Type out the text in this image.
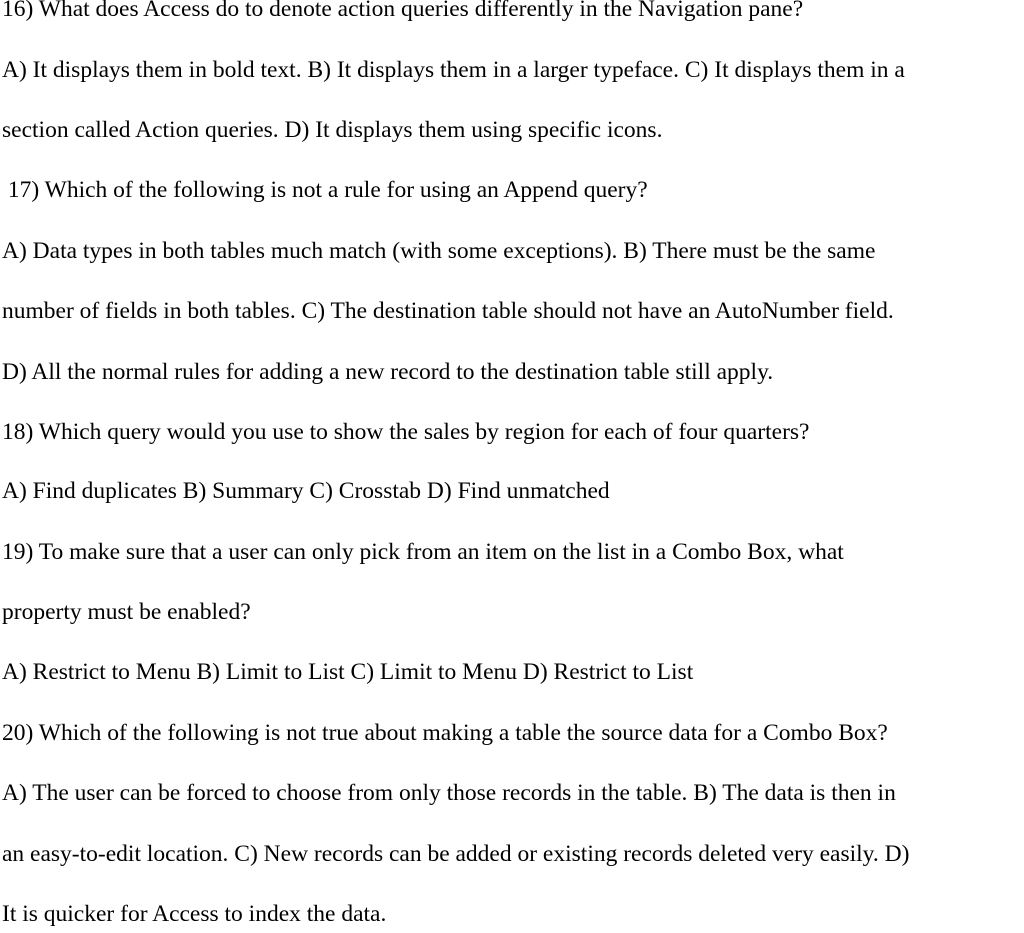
16) What does Access do to denote action queries differently in the Navigation pane?
A) It displays them in bold text. B) It displays them in a larger typeface. C) It displays them in a
section called Action queries. D) It displays them using specific icons.
17) Which of the following is not a rule for using an Append query?
A) Data types in both tables much match (with some exceptions). B) There must be the same
number of fields in both tables. C) The destination table should not have an AutoNumber field.
D) All the normal rules for adding a new record to the destination table still apply.
18) Which query would you use to show the sales by region for each of four quarters?
A) Find duplicates B) Summary C) Crosstab D) Find unmatched
19) To make sure that a user can only pick from an item on the list in a Combo Box, what
property must be enabled?
A) Restrict to Menu B) Limit to List C) Limit to Menu D) Restrict to List
20) Which of the following is not true about making a table the source data for a Combo Box?
A) The user can be forced to choose from only those records in the table. B) The data is then in
an easy-to-edit location. C) New records can be added or existing records deleted very easily. D)
It is quicker for Access to index the data.
